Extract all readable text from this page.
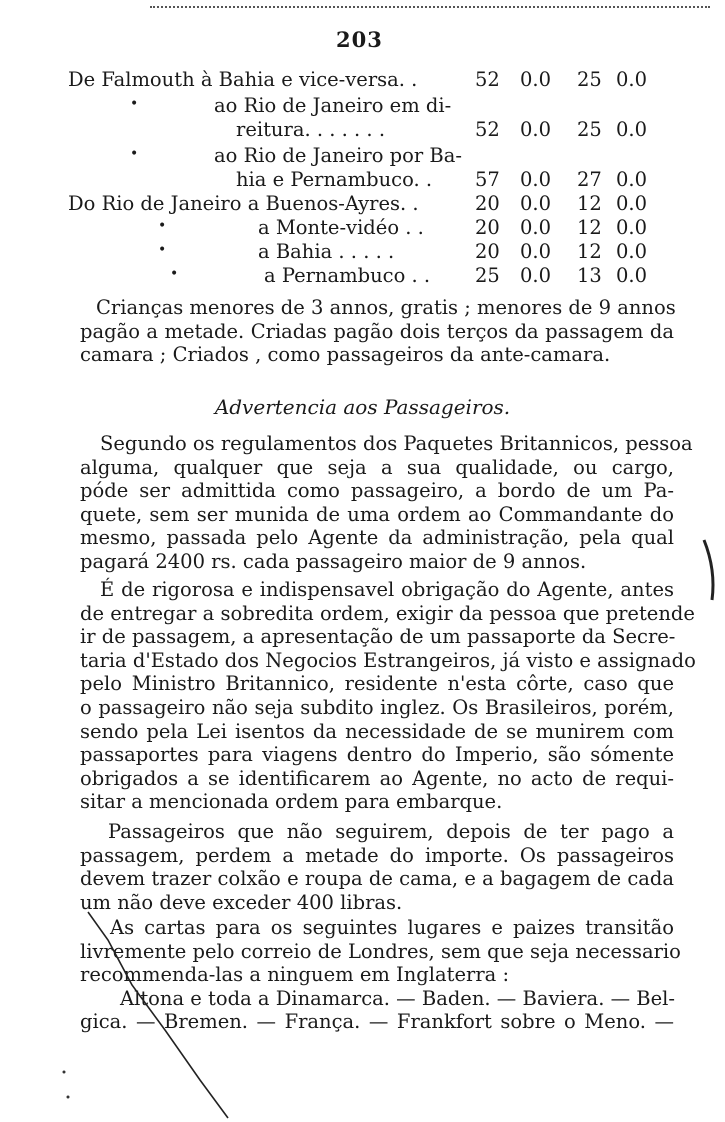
203
De Falmouth à Bahia e vice-versa. .	52 0.0 25 0.0
•	ao Rio de Janeiro em di-
reitura. . . . . . .	52 0.0 25 0.0
•	ao Rio de Janeiro por Ba-
hia e Pernambuco. . 57 0.0 27 0.0
Do Rio de Janeiro a Buenos-Ayres. .	20 0.0 12 0.0
•	a Monte-vidéo . .	20 0.0 12 0.0
•	a Bahia . . . . .	20 0.0 12 0.0
•	a Pernambuco . . 25 0.0 13 0.0
Crianças menores de 3 annos, gratis ; menores de 9 annos
pagão a metade. Criadas pagão dois terços da passagem da
camara ; Criados , como passageiros da ante-camara.
Advertencia aos Passageiros.
Segundo os regulamentos dos Paquetes Britannicos, pessoa
alguma, qualquer que seja a sua qualidade, ou cargo,
póde ser admittida como passageiro, a bordo de um Pa-
quete, sem ser munida de uma ordem ao Commandante do
mesmo, passada pelo Agente da administração, pela qual
pagará 2400 rs. cada passageiro maior de 9 annos.
É de rigorosa e indispensavel obrigação do Agente, antes
de entregar a sobredita ordem, exigir da pessoa que pretende
ir de passagem, a apresentação de um passaporte da Secre-
taria d'Estado dos Negocios Estrangeiros, já visto e assignado
pelo Ministro Britannico, residente n'esta côrte, caso que
o passageiro não seja subdito inglez. Os Brasileiros, porém,
sendo pela Lei isentos da necessidade de se munirem com
passaportes para viagens dentro do Imperio, são sómente
obrigados a se identificarem ao Agente, no acto de requi-
sitar a mencionada ordem para embarque.
Passageiros que não seguirem, depois de ter pago a
passagem, perdem a metade do importe. Os passageiros
devem trazer colxão e roupa de cama, e a bagagem de cada
um não deve exceder 400 libras.
As cartas para os seguintes lugares e paizes transitão
livremente pelo correio de Londres, sem que seja necessario
recommenda-las a ninguem em Inglaterra :
Altona e toda a Dinamarca. — Baden. — Baviera. — Bel-
gica. — Bremen. — França. — Frankfort sobre o Meno. —
